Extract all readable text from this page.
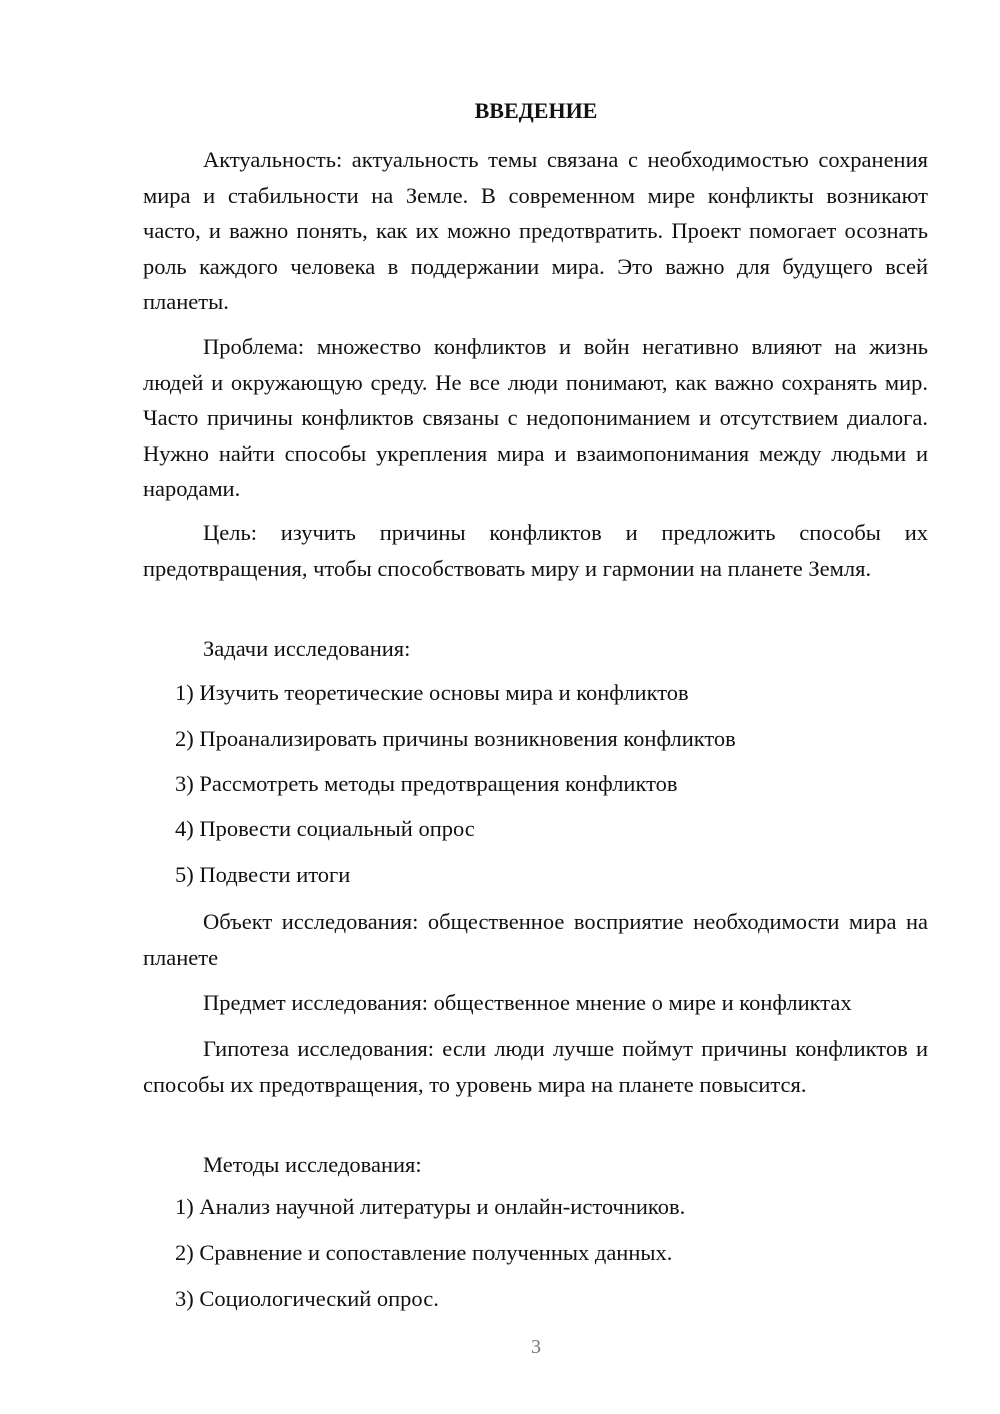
ВВЕДЕНИЕ

Актуальность: актуальность темы связана с необходимостью сохранения мира и стабильности на Земле. В современном мире конфликты возникают часто, и важно понять, как их можно предотвратить. Проект помогает осознать роль каждого человека в поддержании мира. Это важно для будущего всей планеты.

Проблема: множество конфликтов и войн негативно влияют на жизнь людей и окружающую среду. Не все люди понимают, как важно сохранять мир. Часто причины конфликтов связаны с недопониманием и отсутствием диалога. Нужно найти способы укрепления мира и взаимопонимания между людьми и народами.

Цель: изучить причины конфликтов и предложить способы их предотвращения, чтобы способствовать миру и гармонии на планете Земля.

Задачи исследования:

1) Изучить теоретические основы мира и конфликтов

2) Проанализировать причины возникновения конфликтов

3) Рассмотреть методы предотвращения конфликтов

4) Провести социальный опрос

5) Подвести итоги

Объект исследования: общественное восприятие необходимости мира на планете

Предмет исследования: общественное мнение о мире и конфликтах

Гипотеза исследования: если люди лучше поймут причины конфликтов и способы их предотвращения, то уровень мира на планете повысится.

Методы исследования:

1) Анализ научной литературы и онлайн-источников.

2) Сравнение и сопоставление полученных данных.

3) Социологический опрос.

3
